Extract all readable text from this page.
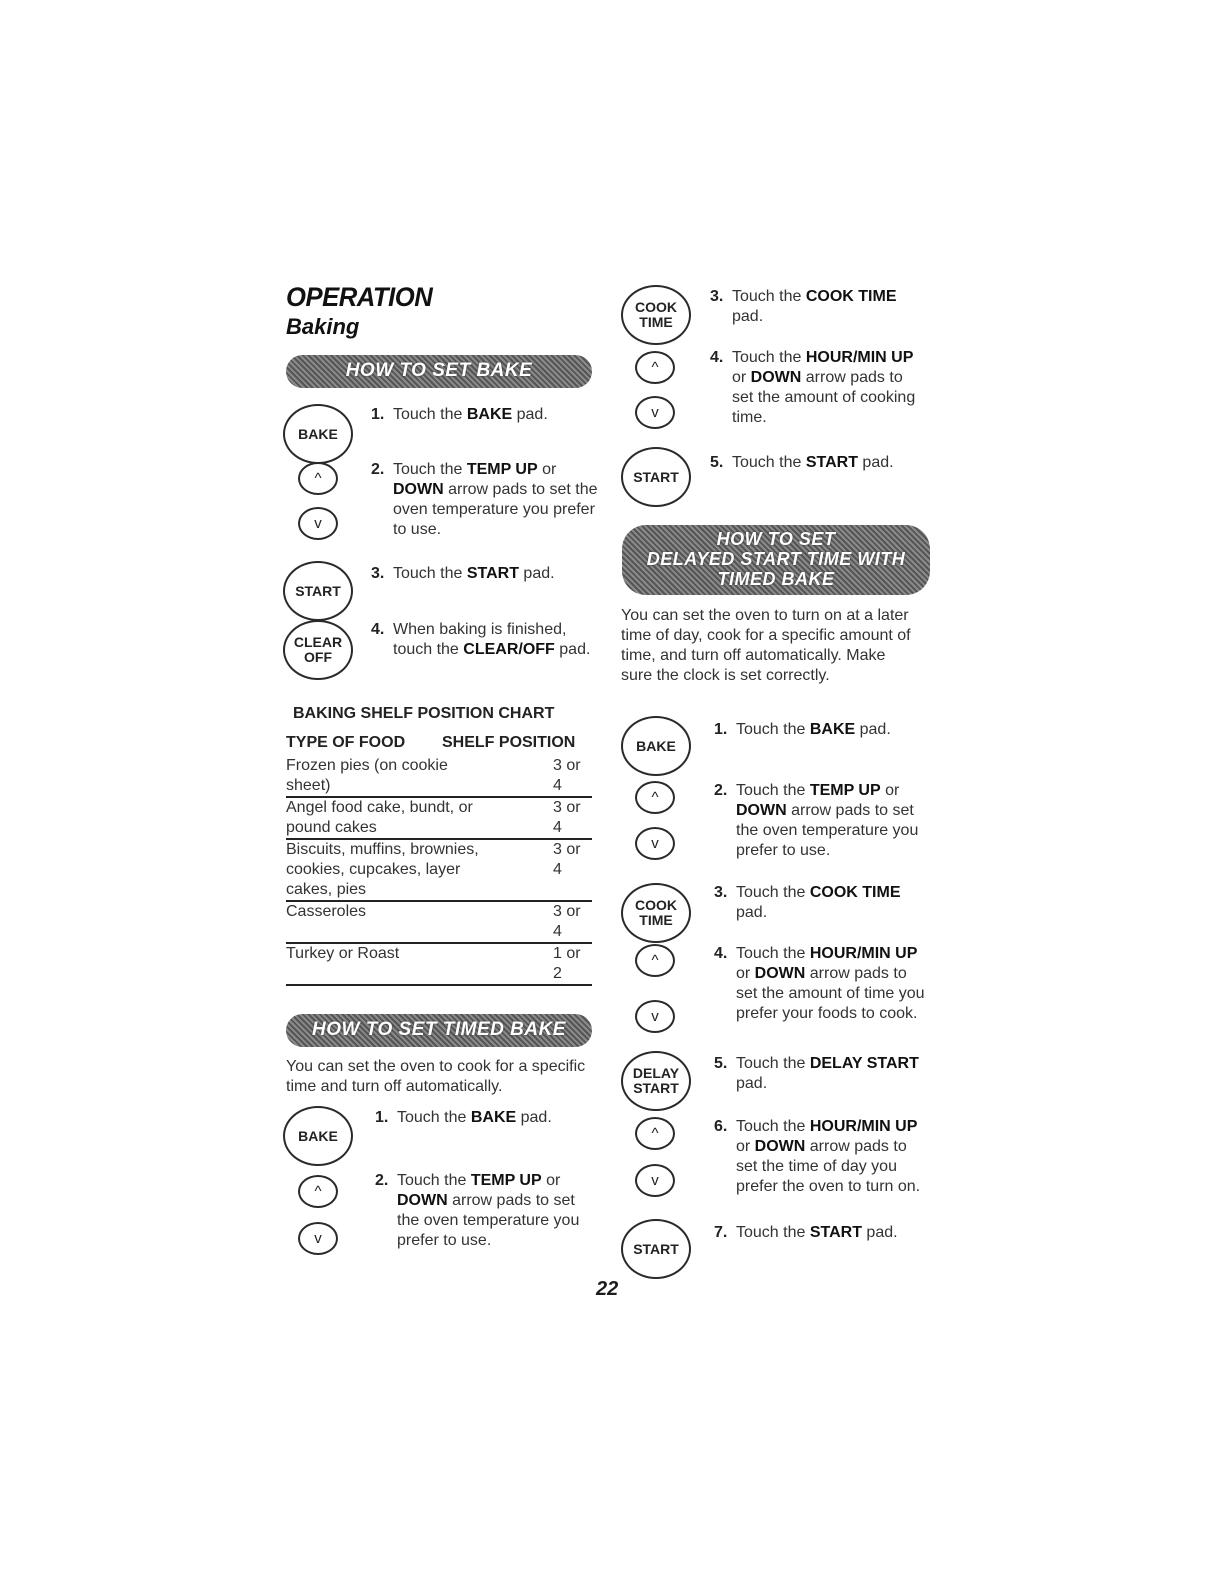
OPERATION
Baking
HOW TO SET BAKE
BAKE
1. Touch the BAKE pad.
^
v
2. Touch the TEMP UP or DOWN arrow pads to set the oven temperature you prefer to use.
START
3. Touch the START pad.
CLEAR
OFF
4. When baking is finished, touch the CLEAR/OFF pad.
BAKING SHELF POSITION CHART
TYPE OF FOOD SHELF POSITION
Frozen pies (on cookie sheet)	3 or 4
Angel food cake, bundt, or pound cakes	3 or 4
Biscuits, muffins, brownies, cookies, cupcakes, layer cakes, pies	3 or 4
Casseroles	3 or 4
Turkey or Roast	1 or 2
HOW TO SET TIMED BAKE
You can set the oven to cook for a specific time and turn off automatically.
BAKE
1. Touch the BAKE pad.
^
v
2. Touch the TEMP UP or DOWN arrow pads to set the oven temperature you prefer to use.
COOK
TIME
3. Touch the COOK TIME pad.
^
v
4. Touch the HOUR/MIN UP or DOWN arrow pads to set the amount of cooking time.
START
5. Touch the START pad.
HOW TO SET
DELAYED START TIME WITH
TIMED BAKE
You can set the oven to turn on at a later time of day, cook for a specific amount of time, and turn off automatically. Make sure the clock is set correctly.
BAKE
1. Touch the BAKE pad.
^
v
2. Touch the TEMP UP or DOWN arrow pads to set the oven temperature you prefer to use.
COOK
TIME
3. Touch the COOK TIME pad.
^
v
4. Touch the HOUR/MIN UP or DOWN arrow pads to set the amount of time you prefer your foods to cook.
DELAY
START
5. Touch the DELAY START pad.
^
v
6. Touch the HOUR/MIN UP or DOWN arrow pads to set the time of day you prefer the oven to turn on.
START
7. Touch the START pad.
22
